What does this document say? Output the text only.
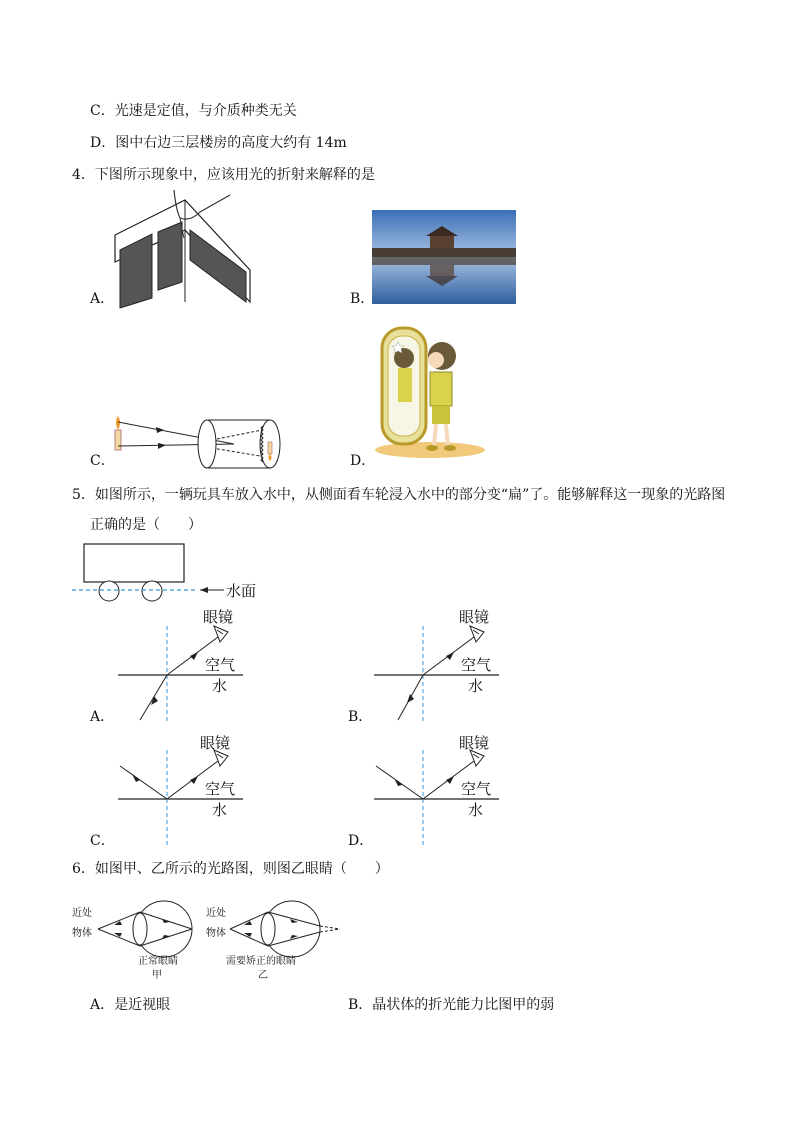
C．光速是定值，与介质种类无关
D．图中右边三层楼房的高度大约有 14m
4．下图所示现象中，应该用光的折射来解释的是
A．	B．
C．	D．
5．如图所示，一辆玩具车放入水中，从侧面看车轮浸入水中的部分变“扁”了。能够解释这一现象的光路图
正确的是（　　）
水面
眼镜
空气
水
A．
眼镜
空气
水
B．
眼镜
空气
水
C．
眼镜
空气
水
D．
6．如图甲、乙所示的光路图，则图乙眼睛（　　）
近处
物体
正常眼睛
甲
近处
物体
需要矫正的眼睛
乙
A．是近视眼	B．晶状体的折光能力比图甲的弱
